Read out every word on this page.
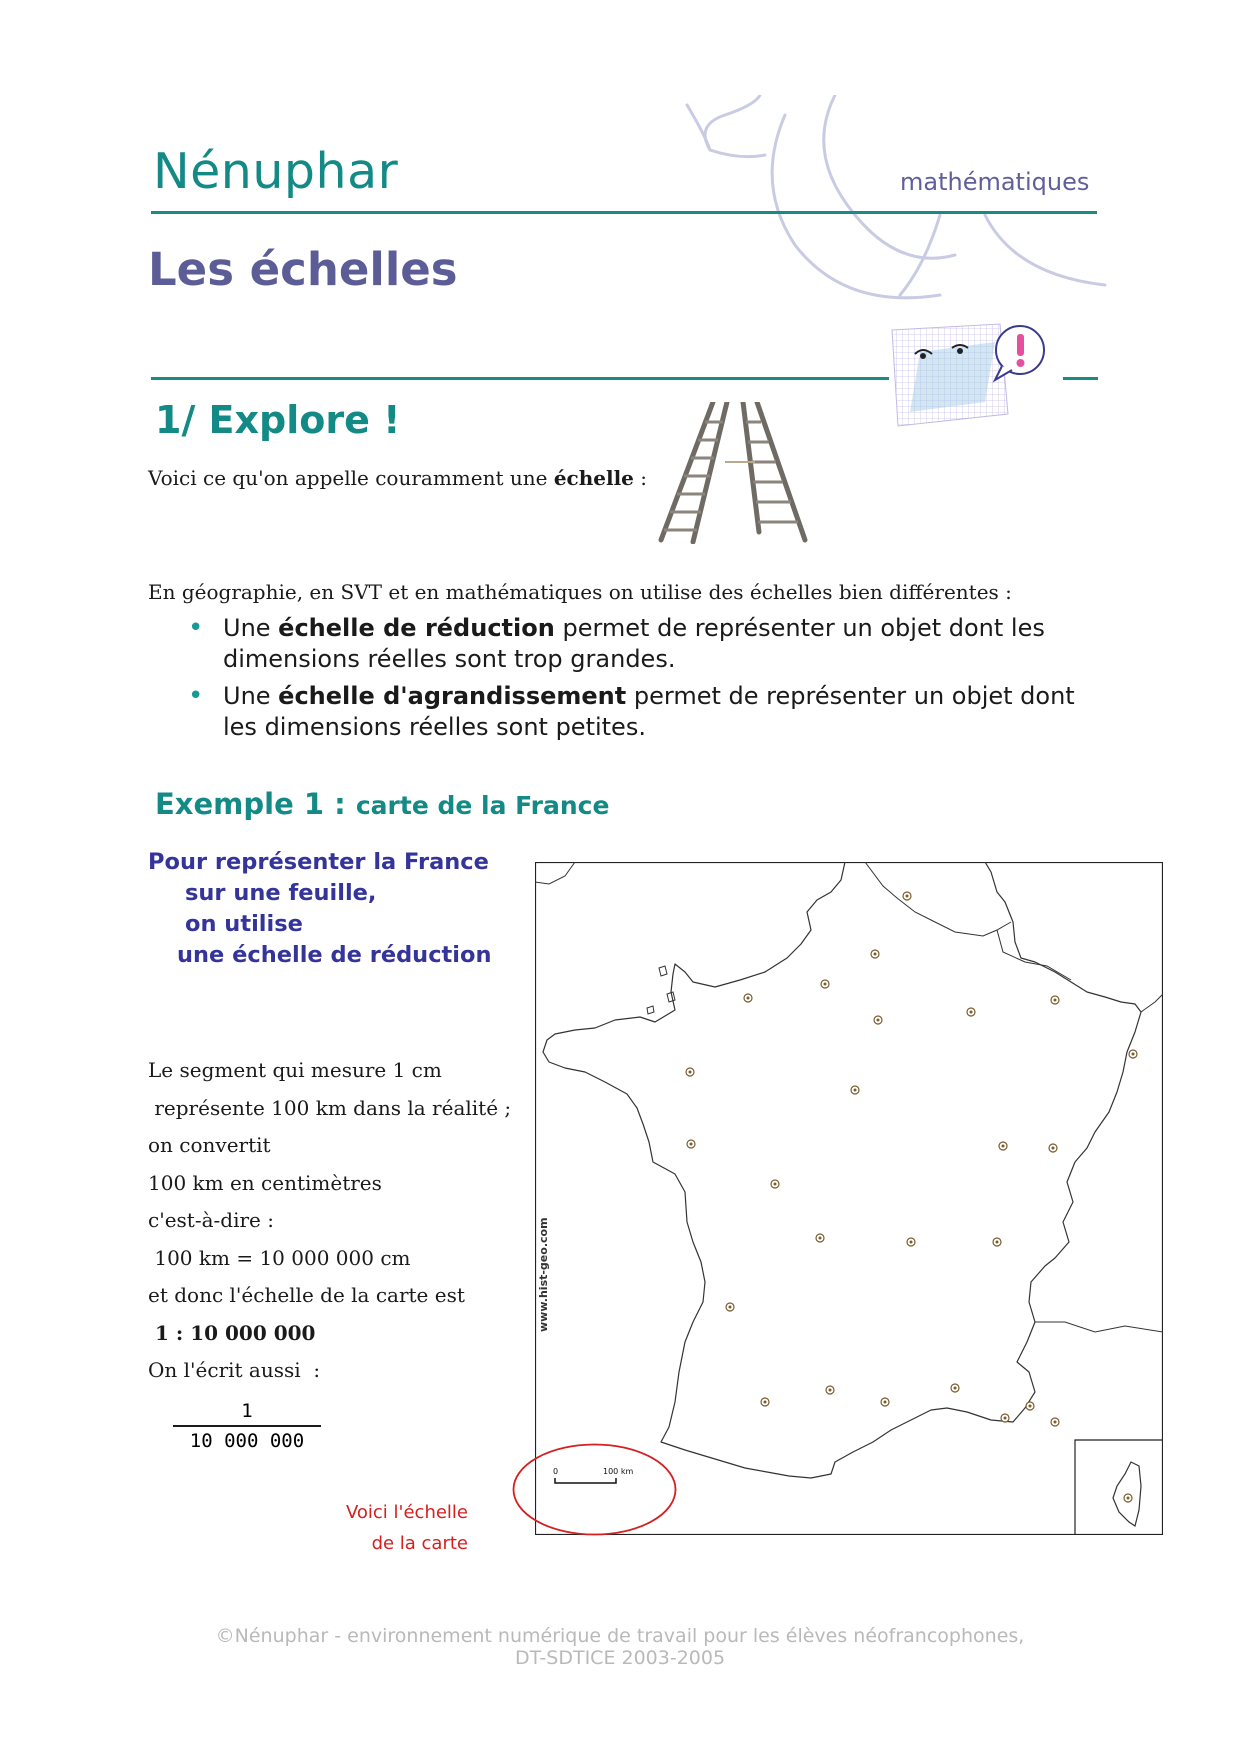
Nénuphar	mathématiques
Les échelles
1/ Explore !
Voici ce qu'on appelle couramment une échelle :
En géographie, en SVT et en mathématiques on utilise des échelles bien différentes :
• Une échelle de réduction permet de représenter un objet dont les dimensions réelles sont trop grandes.
• Une échelle d'agrandissement permet de représenter un objet dont les dimensions réelles sont petites.
Exemple 1 : carte de la France
Pour représenter la France
sur une feuille,
on utilise
une échelle de réduction
Le segment qui mesure 1 cm
représente 100 km dans la réalité ;
on convertit
100 km en centimètres
c'est-à-dire :
100 km = 10 000 000 cm
et donc l'échelle de la carte est
1 : 10 000 000
On l'écrit aussi  :
1
10 000 000
Voici l'échelle
de la carte
www.hist-geo.com
0	100 km
©Nénuphar - environnement numérique de travail pour les élèves néofrancophones,
DT-SDTICE 2003-2005
